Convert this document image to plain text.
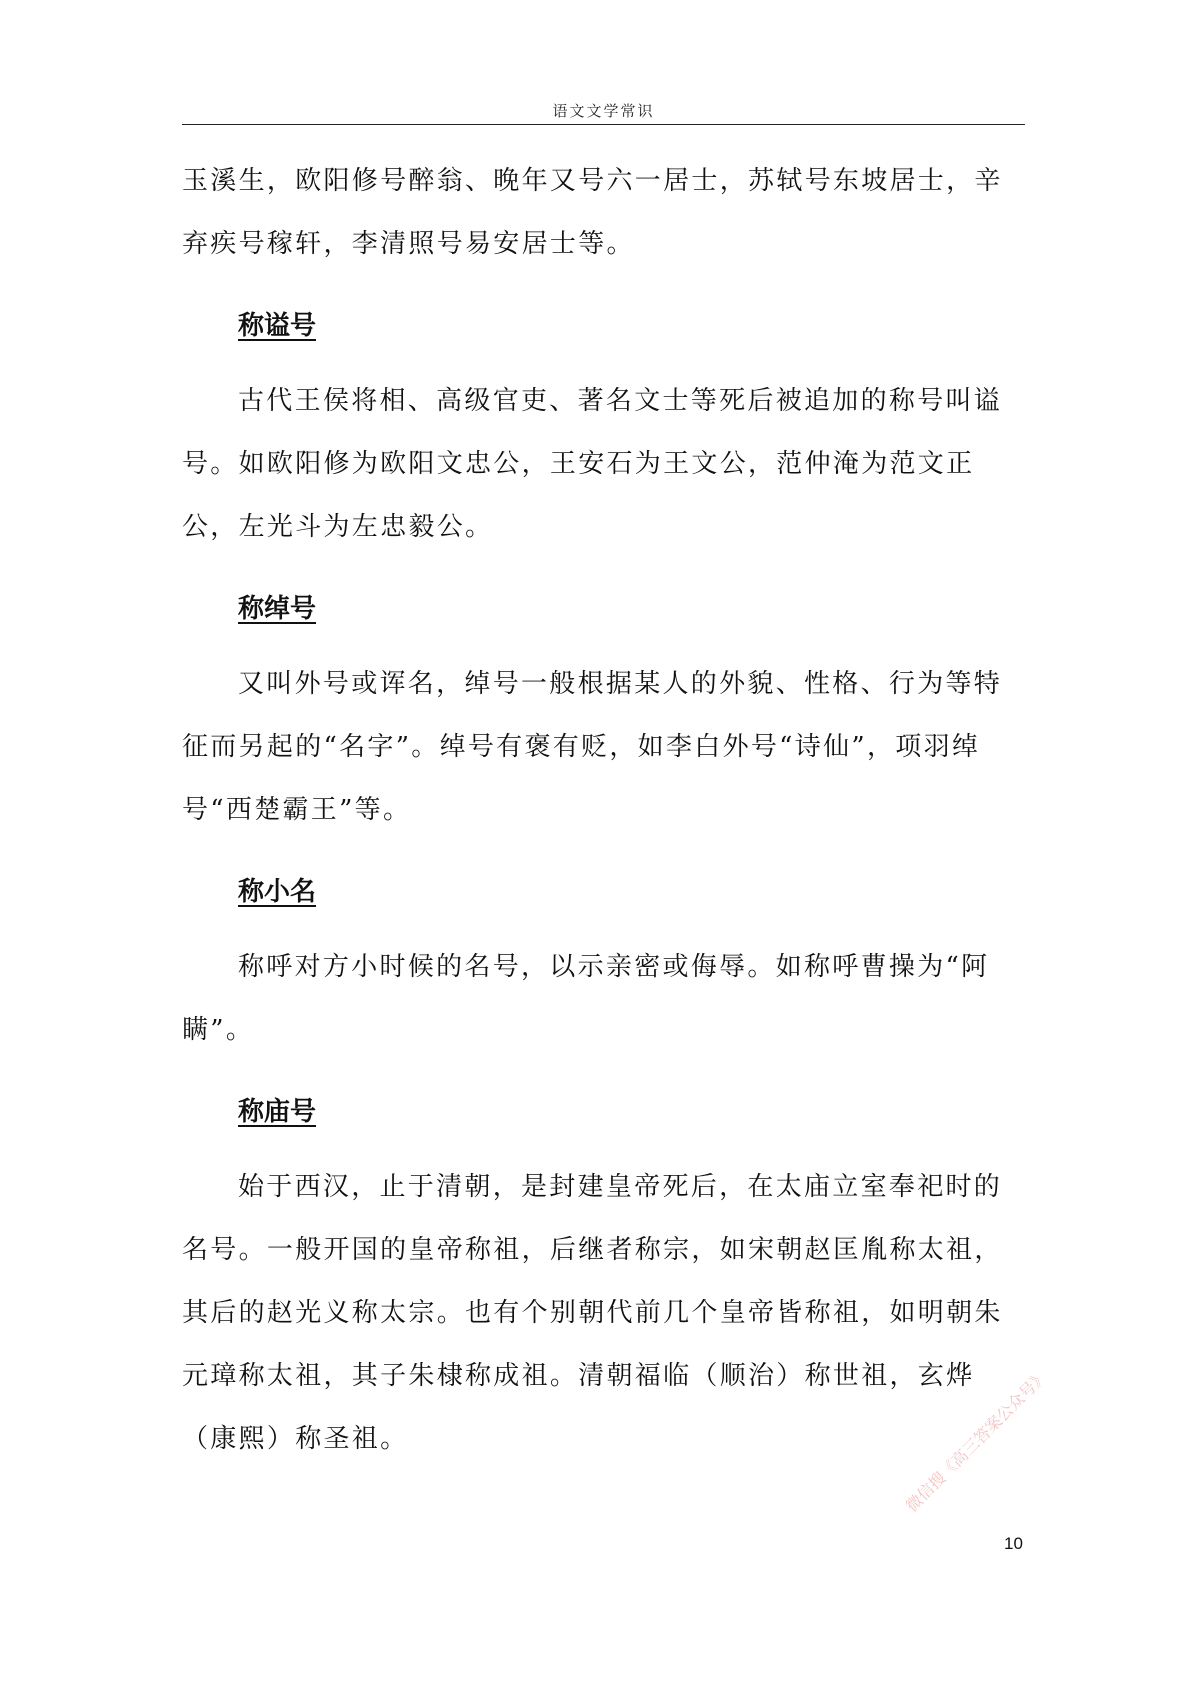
语文文学常识

玉溪生，欧阳修号醉翁、晚年又号六一居士，苏轼号东坡居士，辛弃疾号稼轩，李清照号易安居士等。

称谥号

古代王侯将相、高级官吏、著名文士等死后被追加的称号叫谥号。如欧阳修为欧阳文忠公，王安石为王文公，范仲淹为范文正公，左光斗为左忠毅公。

称绰号

又叫外号或诨名，绰号一般根据某人的外貌、性格、行为等特征而另起的“名字”。绰号有褒有贬，如李白外号“诗仙”，项羽绰号“西楚霸王”等。

称小名

称呼对方小时候的名号，以示亲密或侮辱。如称呼曹操为“阿瞒”。

称庙号

始于西汉，止于清朝，是封建皇帝死后，在太庙立室奉祀时的名号。一般开国的皇帝称祖，后继者称宗，如宋朝赵匡胤称太祖，其后的赵光义称太宗。也有个别朝代前几个皇帝皆称祖，如明朝朱元璋称太祖，其子朱棣称成祖。清朝福临（顺治）称世祖，玄烨（康熙）称圣祖。	微信搜《高三答案公众号》
10
